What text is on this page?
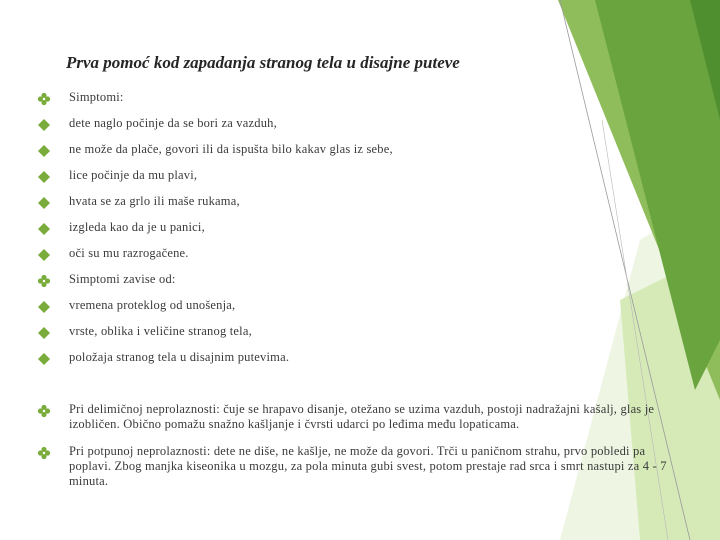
Prva pomoć kod zapadanja stranog tela u disajne puteve
Simptomi:
dete naglo počinje da se bori za vazduh,
ne može da plače, govori ili da ispušta bilo kakav glas iz sebe,
lice počinje da mu plavi,
hvata se za grlo ili maše rukama,
izgleda kao da je u panici,
oči su mu razrogačene.
Simptomi zavise od:
vremena proteklog od unošenja,
vrste, oblika i veličine stranog tela,
položaja stranog tela u disajnim putevima.
Pri delimičnoj neprolaznosti: čuje se hrapavo disanje, otežano se uzima vazduh, postoji nadražajni kašalj, glas je izobličen. Obično pomažu snažno kašljanje i čvrsti udarci po leđima među lopaticama.
Pri potpunoj neprolaznosti: dete ne diše, ne kašlje, ne može da govori. Trči u paničnom strahu, prvo pobledi pa poplavi. Zbog manjka kiseonika u mozgu, za pola minuta gubi svest, potom prestaje rad srca i smrt nastupi za 4 - 7 minuta.
